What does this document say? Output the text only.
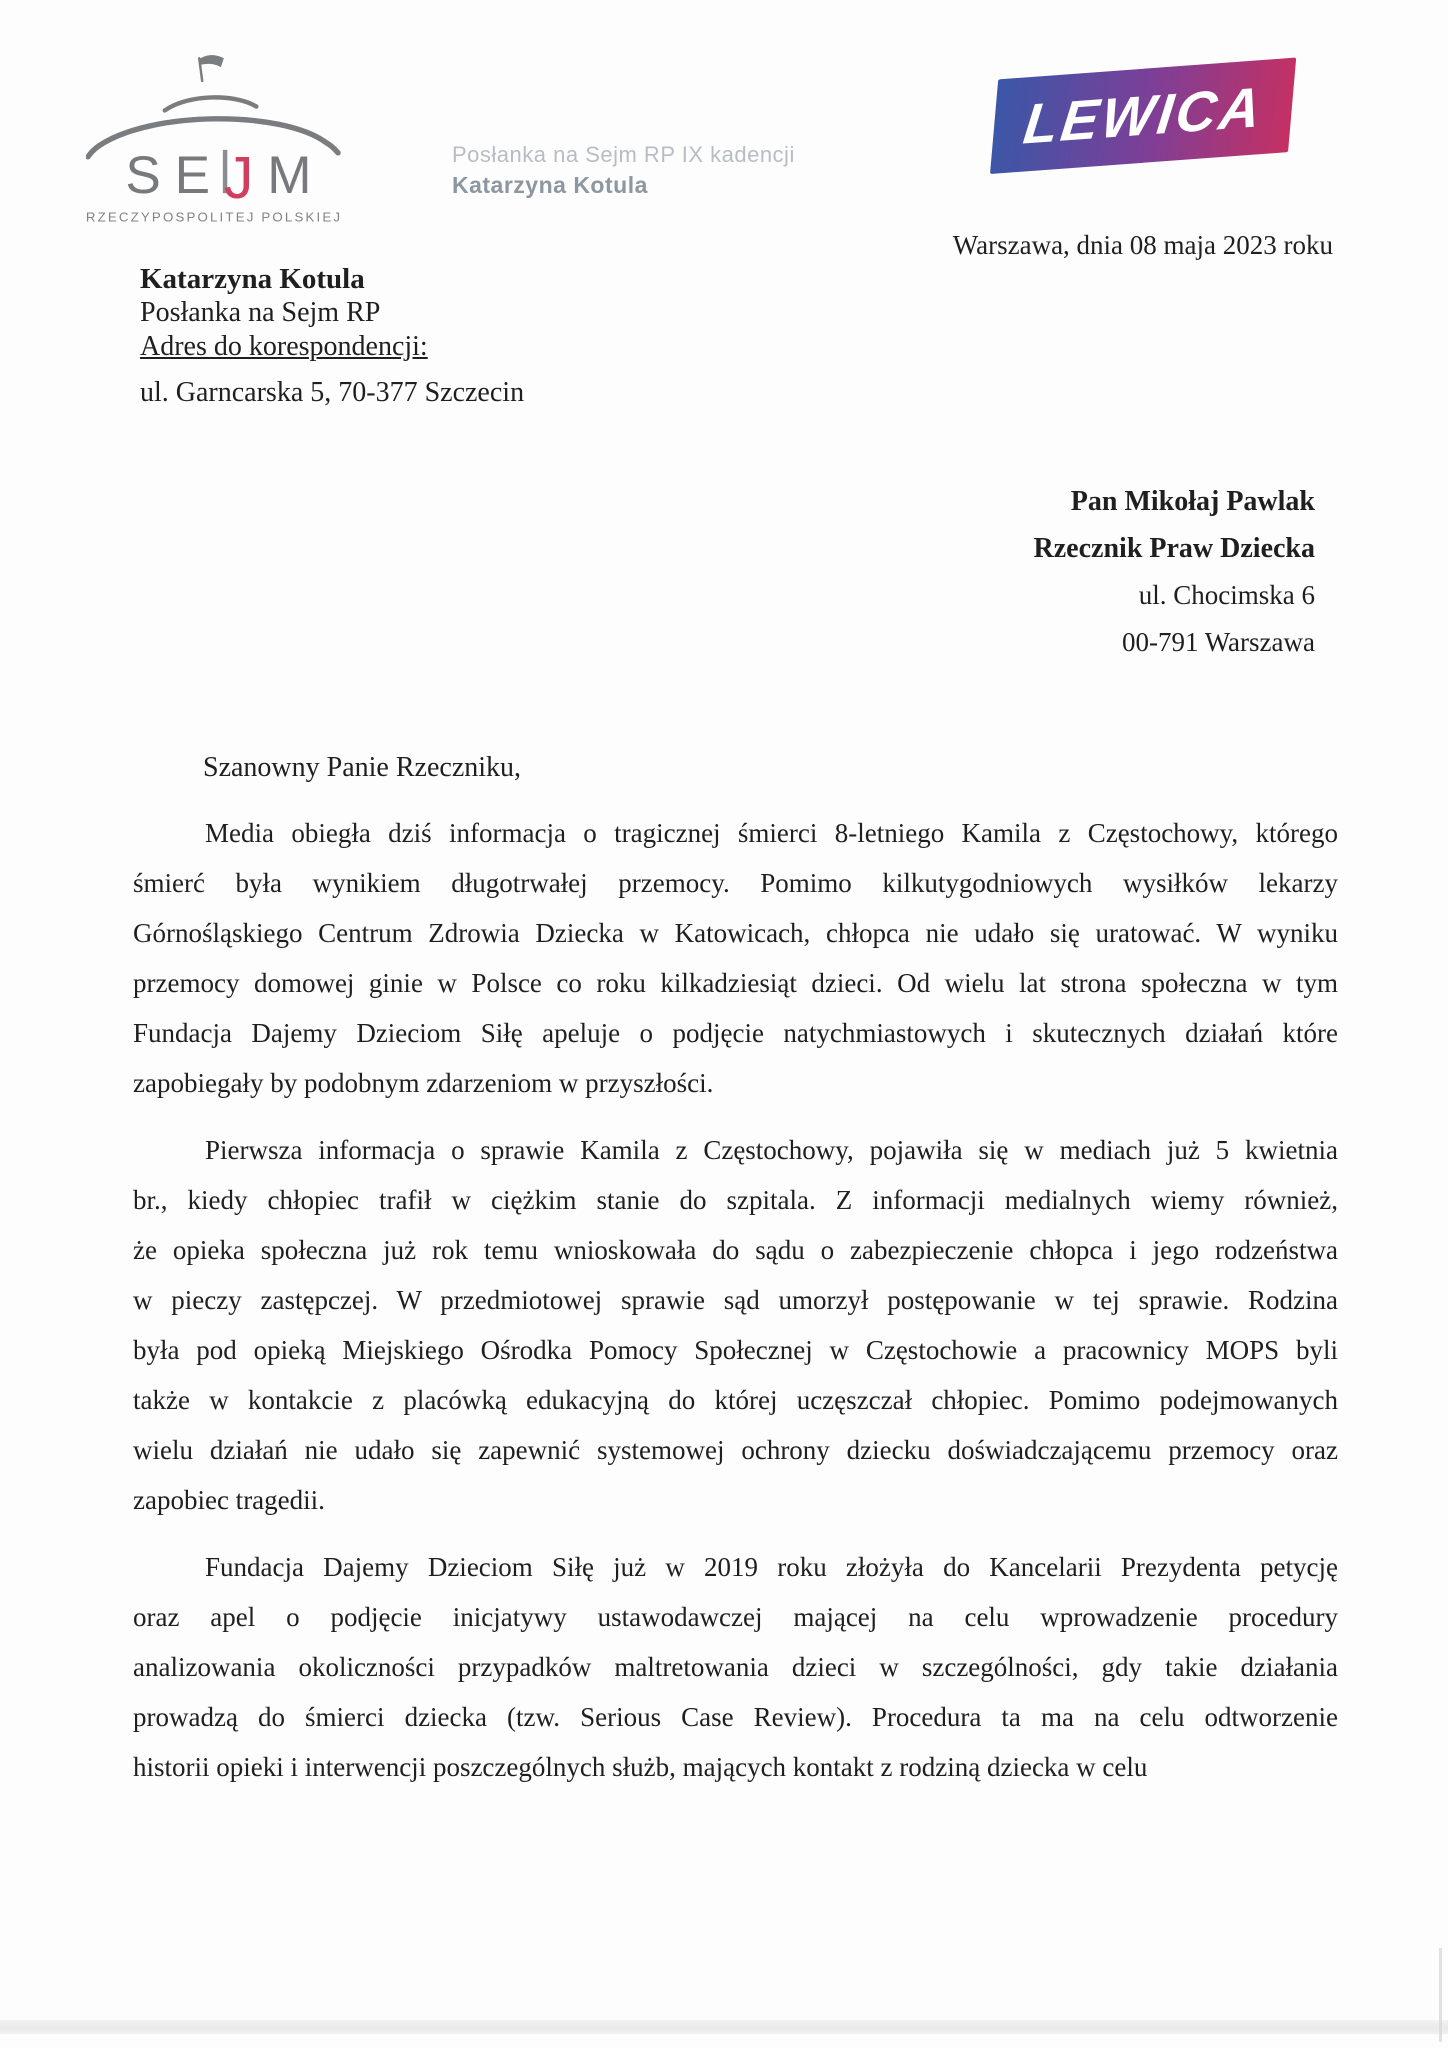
SEJM
RZECZYPOSPOLITEJ POLSKIEJ
Posłanka na Sejm RP IX kadencji
Katarzyna Kotula
LEWICA
Warszawa, dnia 08 maja 2023 roku
Katarzyna Kotula
Posłanka na Sejm RP
Adres do korespondencji:
ul. Garncarska 5, 70-377 Szczecin
Pan Mikołaj Pawlak
Rzecznik Praw Dziecka
ul. Chocimska 6
00-791 Warszawa
Szanowny Panie Rzeczniku,
Media obiegła dziś informacja o tragicznej śmierci 8-letniego Kamila z Częstochowy, którego
śmierć była wynikiem długotrwałej przemocy. Pomimo kilkutygodniowych wysiłków lekarzy
Górnośląskiego Centrum Zdrowia Dziecka w Katowicach, chłopca nie udało się uratować. W wyniku
przemocy domowej ginie w Polsce co roku kilkadziesiąt dzieci. Od wielu lat strona społeczna w tym
Fundacja Dajemy Dzieciom Siłę apeluje o podjęcie natychmiastowych i skutecznych działań które
zapobiegały by podobnym zdarzeniom w przyszłości.
Pierwsza informacja o sprawie Kamila z Częstochowy, pojawiła się w mediach już 5 kwietnia
br., kiedy chłopiec trafił w ciężkim stanie do szpitala. Z informacji medialnych wiemy również,
że opieka społeczna już rok temu wnioskowała do sądu o zabezpieczenie chłopca i jego rodzeństwa
w pieczy zastępczej. W przedmiotowej sprawie sąd umorzył postępowanie w tej sprawie. Rodzina
była pod opieką Miejskiego Ośrodka Pomocy Społecznej w Częstochowie a pracownicy MOPS byli
także w kontakcie z placówką edukacyjną do której uczęszczał chłopiec. Pomimo podejmowanych
wielu działań nie udało się zapewnić systemowej ochrony dziecku doświadczającemu przemocy oraz
zapobiec tragedii.
Fundacja Dajemy Dzieciom Siłę już w 2019 roku złożyła do Kancelarii Prezydenta petycję
oraz apel o podjęcie inicjatywy ustawodawczej mającej na celu wprowadzenie procedury
analizowania okoliczności przypadków maltretowania dzieci w szczególności, gdy takie działania
prowadzą do śmierci dziecka (tzw. Serious Case Review). Procedura ta ma na celu odtworzenie
historii opieki i interwencji poszczególnych służb, mających kontakt z rodziną dziecka w celu
